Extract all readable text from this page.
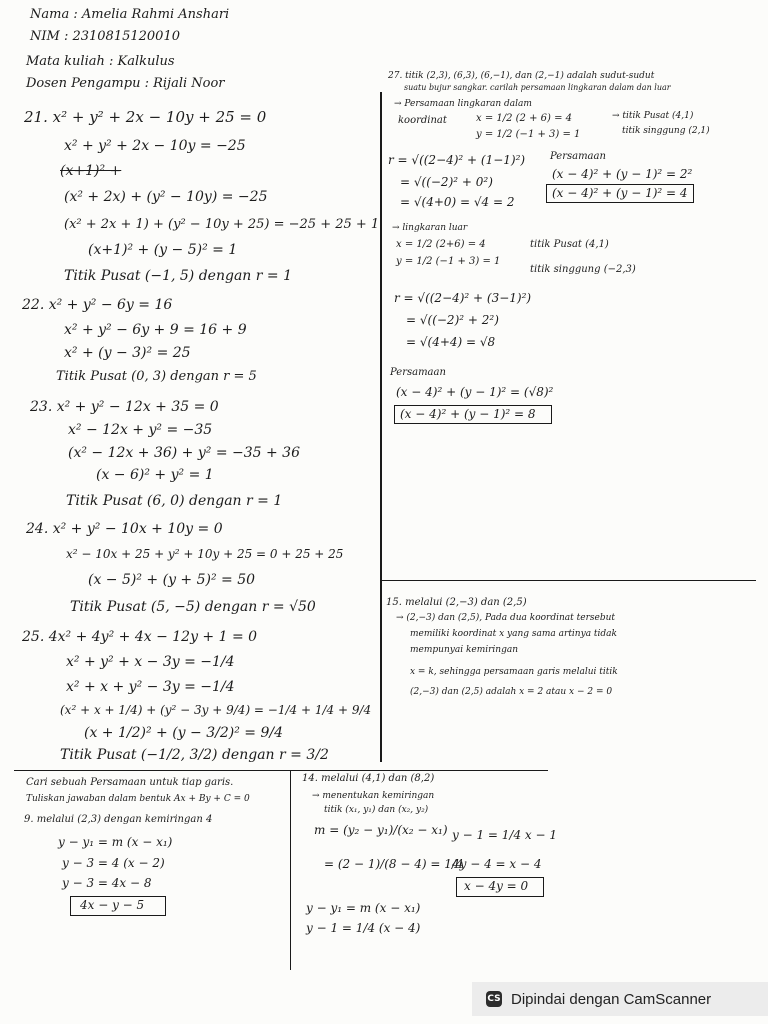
Nama : Amelia Rahmi Anshari
NIM : 2310815120010
Mata kuliah : Kalkulus
Dosen Pengampu : Rijali Noor
21. x² + y² + 2x − 10y + 25 = 0
x² + y² + 2x − 10y = −25
(x+1)² +
(x² + 2x) + (y² − 10y) = −25
(x² + 2x + 1) + (y² − 10y + 25) = −25 + 25 + 1
(x+1)² + (y − 5)² = 1
Titik Pusat (−1, 5) dengan r = 1
22. x² + y² − 6y = 16
x² + y² − 6y + 9 = 16 + 9
x² + (y − 3)² = 25
Titik Pusat (0, 3) dengan r = 5
23. x² + y² − 12x + 35 = 0
x² − 12x + y² = −35
(x² − 12x + 36) + y² = −35 + 36
(x − 6)² + y² = 1
Titik Pusat (6, 0) dengan r = 1
24. x² + y² − 10x + 10y = 0
x² − 10x + 25 + y² + 10y + 25 = 0 + 25 + 25
(x − 5)² + (y + 5)² = 50
Titik Pusat (5, −5) dengan r = √50
25. 4x² + 4y² + 4x − 12y + 1 = 0
x² + y² + x − 3y = −1/4
x² + x + y² − 3y = −1/4
(x² + x + 1/4) + (y² − 3y + 9/4) = −1/4 + 1/4 + 9/4
(x + 1/2)² + (y − 3/2)² = 9/4
Titik Pusat (−1/2, 3/2) dengan r = 3/2
27. titik (2,3), (6,3), (6,−1), dan (2,−1) adalah sudut-sudut
suatu bujur sangkar. carilah persamaan lingkaran dalam dan luar
→ Persamaan lingkaran dalam
koordinat	x = 1/2 (2 + 6) = 4
y = 1/2 (−1 + 3) = 1
→ titik Pusat (4,1)
titik singgung (2,1)
r = √((2−4)² + (1−1)²)
= √((−2)² + 0²)
= √(4+0) = √4 = 2
Persamaan
(x − 4)² + (y − 1)² = 2²
(x − 4)² + (y − 1)² = 4
→ lingkaran luar
x = 1/2 (2+6) = 4
y = 1/2 (−1 + 3) = 1
titik Pusat (4,1)
titik singgung (−2,3)
r = √((2−4)² + (3−1)²)
= √((−2)² + 2²)
= √(4+4) = √8
Persamaan
(x − 4)² + (y − 1)² = (√8)²
(x − 4)² + (y − 1)² = 8
15. melalui (2,−3) dan (2,5)
→ (2,−3) dan (2,5), Pada dua koordinat tersebut
memiliki koordinat x yang sama artinya tidak
mempunyai kemiringan
x = k, sehingga persamaan garis melalui titik
(2,−3) dan (2,5) adalah x = 2 atau x − 2 = 0
Cari sebuah Persamaan untuk tiap garis.
Tuliskan jawaban dalam bentuk Ax + By + C = 0
9. melalui (2,3) dengan kemiringan 4
y − y₁ = m (x − x₁)
y − 3 = 4 (x − 2)
y − 3 = 4x − 8
4x − y − 5
14. melalui (4,1) dan (8,2)
→ menentukan kemiringan
titik (x₁, y₁) dan (x₂, y₂)
m = (y₂ − y₁)/(x₂ − x₁)
= (2 − 1)/(8 − 4) = 1/4
y − 1 = 1/4 x − 1
4y − 4 = x − 4
x − 4y = 0
y − y₁ = m (x − x₁)
y − 1 = 1/4 (x − 4)
CS Dipindai dengan CamScanner
